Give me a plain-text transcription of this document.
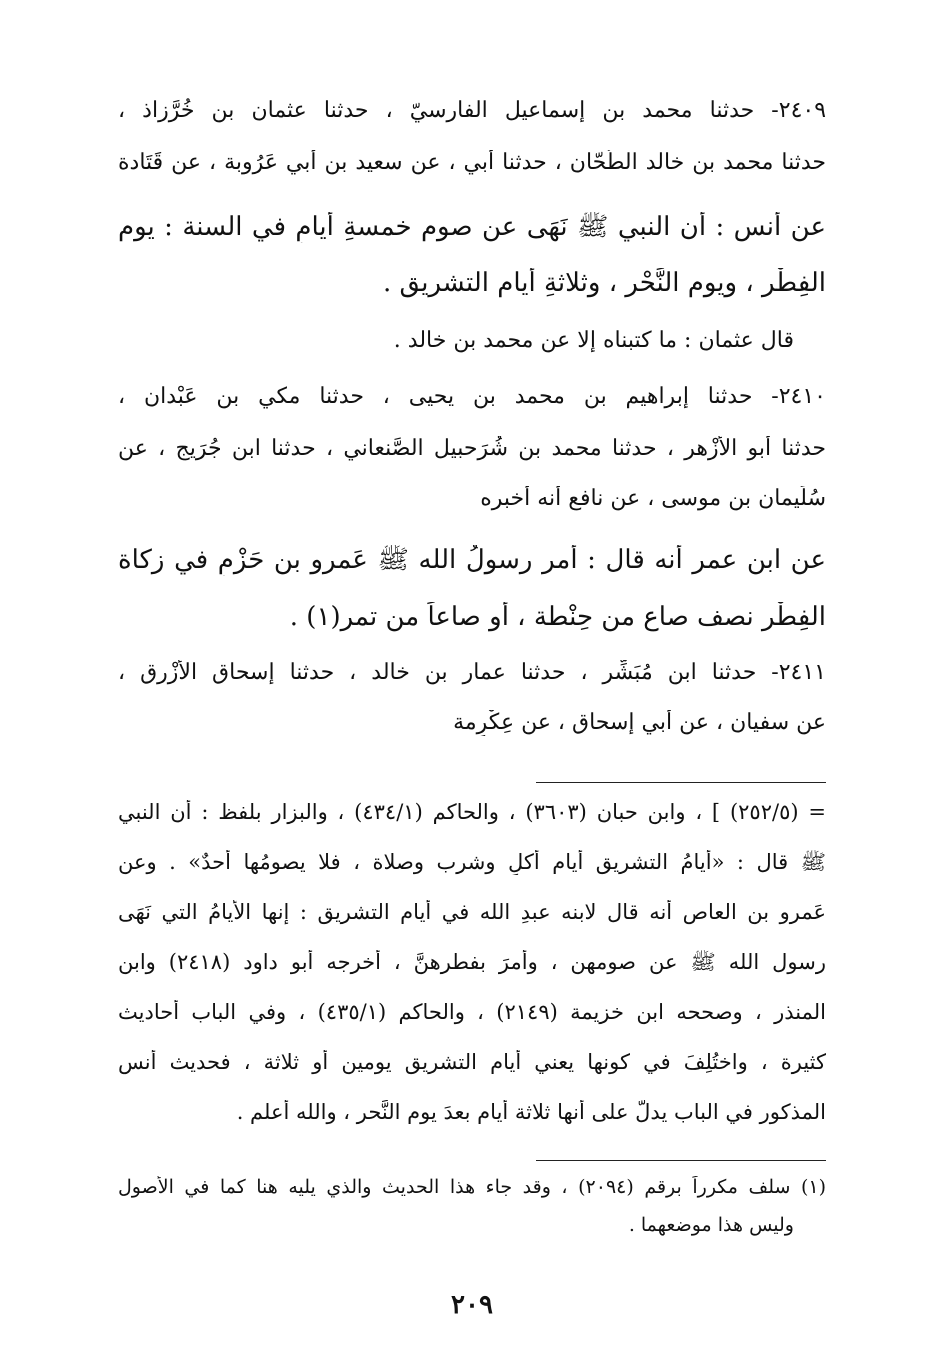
٢٤٠٩- حدثنا محمد بن إسماعيل الفارسيّ ، حدثنا عثمان بن خُرَّزاذ ،
حدثنا محمد بن خالد الطَّحّان ، حدثنا أبي ، عن سعيد بن أبي عَرُوبة ، عن قَتَادة
عن أنس : أن النبي ﷺ نَهَى عن صوم خمسةِ أيامٍ في السنة : يومِ
الفِطْر ، ويومِ النَّحْر ، وثلاثةِ أيامِ التشريق .
قال عثمان : ما كتبناه إلا عن محمد بن خالد .
٢٤١٠- حدثنا إبراهيم بن محمد بن يحيى ، حدثنا مكي بن عَبْدان ،
حدثنا أبو الأزْهر ، حدثنا محمد بن شُرَحبيل الصَّنعاني ، حدثنا ابن جُرَيج ، عن
سُلَيمان بن موسى ، عن نافع أنه أخبره
عن ابن عمر أنه قال : أمر رسولُ الله ﷺ عَمرو بن حَزْمٍ في زكاة
الفِطْر نصف صاع من حِنْطة ، أو صاعاً من تمر(١) .
٢٤١١- حدثنا ابن مُبَشِّر ، حدثنا عمار بن خالد ، حدثنا إسحاق الأَزْرق ،
عن سفيان ، عن أَبي إسحاق ، عن عِكْرِمة
= (٢٥٢/٥) ] ، وابن حبان (٣٦٠٣) ، والحاكم (٤٣٤/١) ، والبزار بلفظ : أن النبي
ﷺ قال : «أيامُ التشريق أيام أكلٍ وشرب وصلاة ، فلا يصومُها أحدٌ» . وعن
عَمرو بن العاص أنه قال لابنه عبدِ الله في أيام التشريق : إنها الأيامُ التي نَهَى
رسول الله ﷺ عن صومهن ، وأمرَ بفطرهنَّ ، أخرجه أبو داود (٢٤١٨) وابن
المنذر ، وصححه ابن خزيمة (٢١٤٩) ، والحاكم (٤٣٥/١) ، وفي الباب أحاديث
كثيرة ، واختُلِفَ في كونها يعني أيام التشريق يومين أو ثلاثة ، فحديث أنس
المذكور في الباب يدلُّ على أنها ثلاثة أيام بعدَ يوم النَّحر ، والله أعلم .
(١) سلف مكرراً برقم (٢٠٩٤) ، وقد جاء هذا الحديث والذي يليه هنا كما في الأصول
وليس هذا موضعهما .
٢٠٩
